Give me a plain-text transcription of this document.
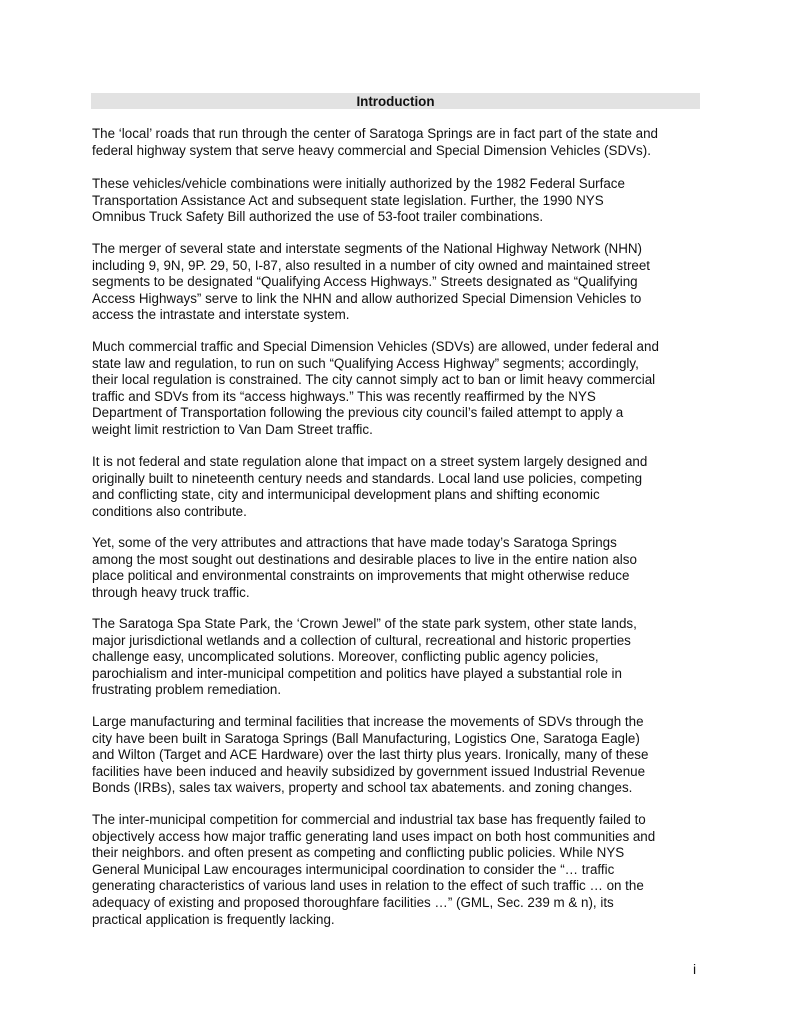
Introduction
The ‘local’ roads that run through the center of Saratoga Springs are in fact part of the state and
federal highway system that serve heavy commercial and Special Dimension Vehicles (SDVs).
These vehicles/vehicle combinations were initially authorized by the 1982 Federal Surface
Transportation Assistance Act and subsequent state legislation. Further, the 1990 NYS
Omnibus Truck Safety Bill authorized the use of 53-foot trailer combinations.
The merger of several state and interstate segments of the National Highway Network (NHN)
including 9, 9N, 9P. 29, 50, I-87, also resulted in a number of city owned and maintained street
segments to be designated “Qualifying Access Highways.” Streets designated as “Qualifying
Access Highways” serve to link the NHN and allow authorized Special Dimension Vehicles to
access the intrastate and interstate system.
Much commercial traffic and Special Dimension Vehicles (SDVs) are allowed, under federal and
state law and regulation, to run on such “Qualifying Access Highway” segments; accordingly,
their local regulation is constrained. The city cannot simply act to ban or limit heavy commercial
traffic and SDVs from its “access highways.” This was recently reaffirmed by the NYS
Department of Transportation following the previous city council’s failed attempt to apply a
weight limit restriction to Van Dam Street traffic.
It is not federal and state regulation alone that impact on a street system largely designed and
originally built to nineteenth century needs and standards. Local land use policies, competing
and conflicting state, city and intermunicipal development plans and shifting economic
conditions also contribute.
Yet, some of the very attributes and attractions that have made today’s Saratoga Springs
among the most sought out destinations and desirable places to live in the entire nation also
place political and environmental constraints on improvements that might otherwise reduce
through heavy truck traffic.
The Saratoga Spa State Park, the ‘Crown Jewel” of the state park system, other state lands,
major jurisdictional wetlands and a collection of cultural, recreational and historic properties
challenge easy, uncomplicated solutions. Moreover, conflicting public agency policies,
parochialism and inter-municipal competition and politics have played a substantial role in
frustrating problem remediation.
Large manufacturing and terminal facilities that increase the movements of SDVs through the
city have been built in Saratoga Springs (Ball Manufacturing, Logistics One, Saratoga Eagle)
and Wilton (Target and ACE Hardware) over the last thirty plus years. Ironically, many of these
facilities have been induced and heavily subsidized by government issued Industrial Revenue
Bonds (IRBs), sales tax waivers, property and school tax abatements. and zoning changes.
The inter-municipal competition for commercial and industrial tax base has frequently failed to
objectively access how major traffic generating land uses impact on both host communities and
their neighbors. and often present as competing and conflicting public policies. While NYS
General Municipal Law encourages intermunicipal coordination to consider the “… traffic
generating characteristics of various land uses in relation to the effect of such traffic … on the
adequacy of existing and proposed thoroughfare facilities …” (GML, Sec. 239 m & n), its
practical application is frequently lacking.
i
